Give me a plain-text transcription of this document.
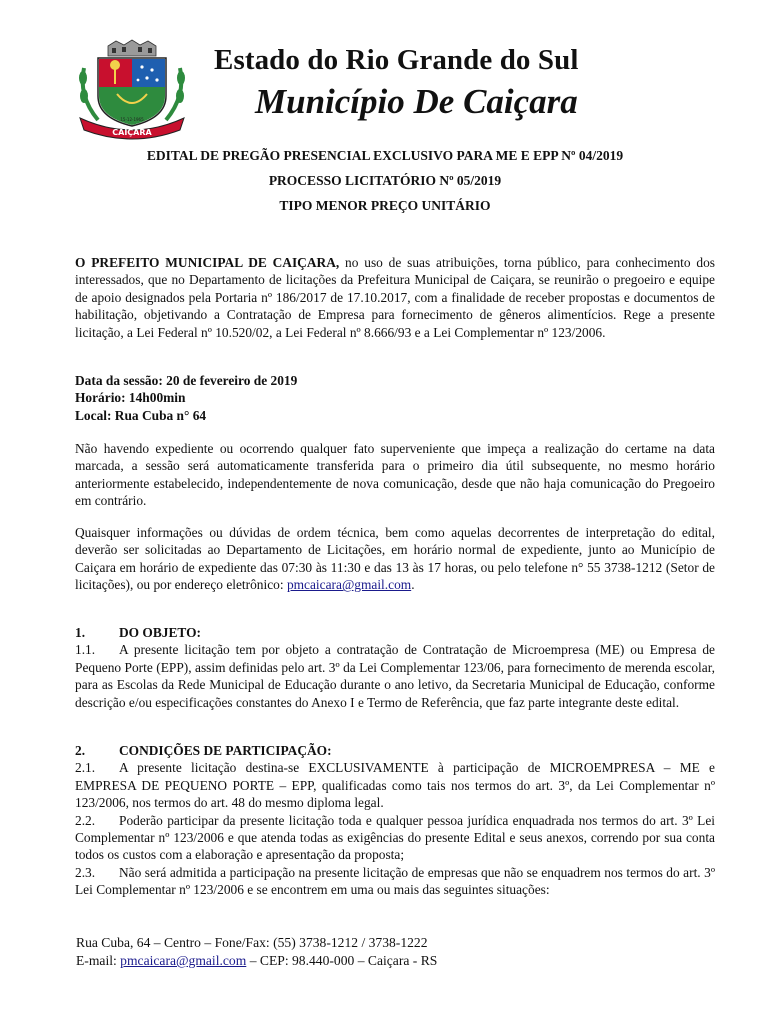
CAIÇARA
15-12-1965
Estado do Rio Grande do Sul
Município De Caiçara
EDITAL DE PREGÃO PRESENCIAL EXCLUSIVO PARA ME E EPP Nº 04/2019
PROCESSO LICITATÓRIO Nº 05/2019
TIPO MENOR PREÇO UNITÁRIO

O PREFEITO MUNICIPAL DE CAIÇARA, no uso de suas atribuições, torna público, para conhecimento dos interessados, que no Departamento de licitações da Prefeitura Municipal de Caiçara, se reunirão o pregoeiro e equipe de apoio designados pela Portaria nº 186/2017 de 17.10.2017, com a finalidade de receber propostas e documentos de habilitação, objetivando a Contratação de Empresa para fornecimento de gêneros alimentícios. Rege a presente licitação, a Lei Federal nº 10.520/02, a Lei Federal nº 8.666/93 e a Lei Complementar nº 123/2006.

Data da sessão: 20 de fevereiro de 2019

Horário: 14h00min

Local: Rua Cuba n° 64

Não havendo expediente ou ocorrendo qualquer fato superveniente que impeça a realização do certame na data marcada, a sessão será automaticamente transferida para o primeiro dia útil subsequente, no mesmo horário anteriormente estabelecido, independentemente de nova comunicação, desde que não haja comunicação do Pregoeiro em contrário.

Quaisquer informações ou dúvidas de ordem técnica, bem como aquelas decorrentes de interpretação do edital, deverão ser solicitadas ao Departamento de Licitações, em horário normal de expediente, junto ao Município de Caiçara em horário de expediente das 07:30 às 11:30 e das 13 às 17 horas, ou pelo telefone n° 55 3738-1212 (Setor de licitações), ou por endereço eletrônico: pmcaicara@gmail.com.

1.	DO OBJETO:

1.1. A presente licitação tem por objeto a contratação de Contratação de Microempresa (ME) ou Empresa de Pequeno Porte (EPP), assim definidas pelo art. 3º da Lei Complementar 123/06, para fornecimento de merenda escolar, para as Escolas da Rede Municipal de Educação durante o ano letivo, da Secretaria Municipal de Educação, conforme descrição e/ou especificações constantes do Anexo I e Termo de Referência, que faz parte integrante deste edital.

2.	CONDIÇÕES DE PARTICIPAÇÃO:

2.1. A presente licitação destina-se EXCLUSIVAMENTE à participação de MICROEMPRESA – ME e EMPRESA DE PEQUENO PORTE – EPP, qualificadas como tais nos termos do art. 3º, da Lei Complementar nº 123/2006, nos termos do art. 48 do mesmo diploma legal.

2.2. Poderão participar da presente licitação toda e qualquer pessoa jurídica enquadrada nos termos do art. 3º Lei Complementar nº 123/2006 e que atenda todas as exigências do presente Edital e seus anexos, correndo por sua conta todos os custos com a elaboração e apresentação da proposta;

2.3. Não será admitida a participação na presente licitação de empresas que não se enquadrem nos termos do art. 3º Lei Complementar nº 123/2006 e se encontrem em uma ou mais das seguintes situações:

Rua Cuba, 64 – Centro – Fone/Fax: (55) 3738-1212 / 3738-1222
E-mail: pmcaicara@gmail.com – CEP: 98.440-000 – Caiçara - RS
